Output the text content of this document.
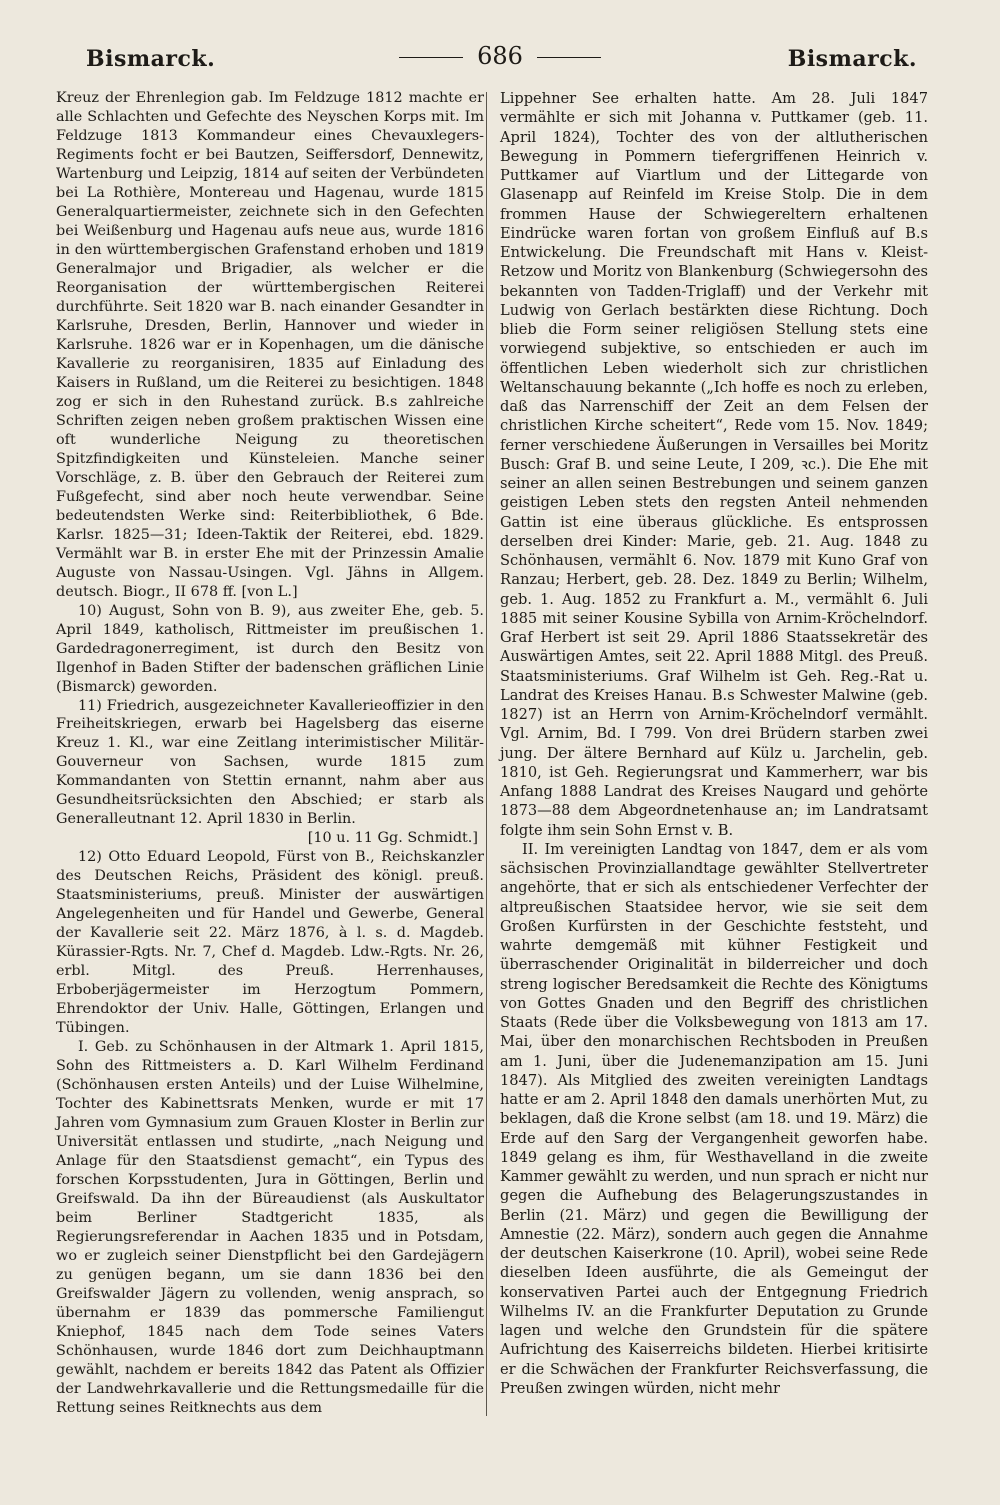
Bismarck.	686	Bismarck.

Kreuz der Ehrenlegion gab. Im Feldzuge 1812 machte er alle Schlachten und Gefechte des Neyschen Korps mit. Im Feldzuge 1813 Kommandeur eines Chevauxlegers-Regiments focht er bei Bautzen, Seiffersdorf, Dennewitz, Wartenburg und Leipzig, 1814 auf seiten der Verbündeten bei La Rothière, Montereau und Hagenau, wurde 1815 Generalquartiermeister, zeichnete sich in den Gefechten bei Weißenburg und Hagenau aufs neue aus, wurde 1816 in den württembergischen Grafenstand erhoben und 1819 Generalmajor und Brigadier, als welcher er die Reorganisation der württembergischen Reiterei durchführte. Seit 1820 war B. nach einander Gesandter in Karlsruhe, Dresden, Berlin, Hannover und wieder in Karlsruhe. 1826 war er in Kopenhagen, um die dänische Kavallerie zu reorganisiren, 1835 auf Einladung des Kaisers in Rußland, um die Reiterei zu besichtigen. 1848 zog er sich in den Ruhestand zurück. B.s zahlreiche Schriften zeigen neben großem praktischen Wissen eine oft wunderliche Neigung zu theoretischen Spitzfindigkeiten und Künsteleien. Manche seiner Vorschläge, z. B. über den Gebrauch der Reiterei zum Fußgefecht, sind aber noch heute verwendbar. Seine bedeutendsten Werke sind: Reiterbibliothek, 6 Bde. Karlsr. 1825—31; Ideen-Taktik der Reiterei, ebd. 1829. Vermählt war B. in erster Ehe mit der Prinzessin Amalie Auguste von Nassau-Usingen. Vgl. Jähns in Allgem. deutsch. Biogr., II 678 ff. [von L.]

10) August, Sohn von B. 9), aus zweiter Ehe, geb. 5. April 1849, katholisch, Rittmeister im preußischen 1. Gardedragonerregiment, ist durch den Besitz von Ilgenhof in Baden Stifter der badenschen gräflichen Linie (Bismarck) geworden.

11) Friedrich, ausgezeichneter Kavallerieoffizier in den Freiheitskriegen, erwarb bei Hagelsberg das eiserne Kreuz 1. Kl., war eine Zeitlang interimistischer Militär-Gouverneur von Sachsen, wurde 1815 zum Kommandanten von Stettin ernannt, nahm aber aus Gesundheitsrücksichten den Abschied; er starb als Generalleutnant 12. April 1830 in Berlin.

[10 u. 11 Gg. Schmidt.]

12) Otto Eduard Leopold, Fürst von B., Reichskanzler des Deutschen Reichs, Präsident des königl. preuß. Staatsministeriums, preuß. Minister der auswärtigen Angelegenheiten und für Handel und Gewerbe, General der Kavallerie seit 22. März 1876, à l. s. d. Magdeb. Kürassier-Rgts. Nr. 7, Chef d. Magdeb. Ldw.-Rgts. Nr. 26, erbl. Mitgl. des Preuß. Herrenhauses, Erboberjägermeister im Herzogtum Pommern, Ehrendoktor der Univ. Halle, Göttingen, Erlangen und Tübingen.

I. Geb. zu Schönhausen in der Altmark 1. April 1815, Sohn des Rittmeisters a. D. Karl Wilhelm Ferdinand (Schönhausen ersten Anteils) und der Luise Wilhelmine, Tochter des Kabinettsrats Menken, wurde er mit 17 Jahren vom Gymnasium zum Grauen Kloster in Berlin zur Universität entlassen und studirte, „nach Neigung und Anlage für den Staatsdienst gemacht“, ein Typus des forschen Korpsstudenten, Jura in Göttingen, Berlin und Greifswald. Da ihn der Büreaudienst (als Auskultator beim Berliner Stadtgericht 1835, als Regierungsreferendar in Aachen 1835 und in Potsdam, wo er zugleich seiner Dienstpflicht bei den Gardejägern zu genügen begann, um sie dann 1836 bei den Greifswalder Jägern zu vollenden, wenig ansprach, so übernahm er 1839 das pommersche Familiengut Kniephof, 1845 nach dem Tode seines Vaters Schönhausen, wurde 1846 dort zum Deichhauptmann gewählt, nachdem er bereits 1842 das Patent als Offizier der Landwehrkavallerie und die Rettungsmedaille für die Rettung seines Reitknechts aus dem

Lippehner See erhalten hatte. Am 28. Juli 1847 vermählte er sich mit Johanna v. Puttkamer (geb. 11. April 1824), Tochter des von der altlutherischen Bewegung in Pommern tiefergriffenen Heinrich v. Puttkamer auf Viartlum und der Littegarde von Glasenapp auf Reinfeld im Kreise Stolp. Die in dem frommen Hause der Schwiegereltern erhaltenen Eindrücke waren fortan von großem Einfluß auf B.s Entwickelung. Die Freundschaft mit Hans v. Kleist-Retzow und Moritz von Blankenburg (Schwiegersohn des bekannten von Tadden-Triglaff) und der Verkehr mit Ludwig von Gerlach bestärkten diese Richtung. Doch blieb die Form seiner religiösen Stellung stets eine vorwiegend subjektive, so entschieden er auch im öffentlichen Leben wiederholt sich zur christlichen Weltanschauung bekannte („Ich hoffe es noch zu erleben, daß das Narrenschiff der Zeit an dem Felsen der christlichen Kirche scheitert“, Rede vom 15. Nov. 1849; ferner verschiedene Äußerungen in Versailles bei Moritz Busch: Graf B. und seine Leute, I 209, ꝛc.). Die Ehe mit seiner an allen seinen Bestrebungen und seinem ganzen geistigen Leben stets den regsten Anteil nehmenden Gattin ist eine überaus glückliche. Es entsprossen derselben drei Kinder: Marie, geb. 21. Aug. 1848 zu Schönhausen, vermählt 6. Nov. 1879 mit Kuno Graf von Ranzau; Herbert, geb. 28. Dez. 1849 zu Berlin; Wilhelm, geb. 1. Aug. 1852 zu Frankfurt a. M., vermählt 6. Juli 1885 mit seiner Kousine Sybilla von Arnim-Kröchelndorf. Graf Herbert ist seit 29. April 1886 Staatssekretär des Auswärtigen Amtes, seit 22. April 1888 Mitgl. des Preuß. Staatsministeriums. Graf Wilhelm ist Geh. Reg.-Rat u. Landrat des Kreises Hanau. B.s Schwester Malwine (geb. 1827) ist an Herrn von Arnim-Kröchelndorf vermählt. Vgl. Arnim, Bd. I 799. Von drei Brüdern starben zwei jung. Der ältere Bernhard auf Külz u. Jarchelin, geb. 1810, ist Geh. Regierungsrat und Kammerherr, war bis Anfang 1888 Landrat des Kreises Naugard und gehörte 1873—88 dem Abgeordnetenhause an; im Landratsamt folgte ihm sein Sohn Ernst v. B.

II. Im vereinigten Landtag von 1847, dem er als vom sächsischen Provinziallandtage gewählter Stellvertreter angehörte, that er sich als entschiedener Verfechter der altpreußischen Staatsidee hervor, wie sie seit dem Großen Kurfürsten in der Geschichte feststeht, und wahrte demgemäß mit kühner Festigkeit und überraschender Originalität in bilderreicher und doch streng logischer Beredsamkeit die Rechte des Königtums von Gottes Gnaden und den Begriff des christlichen Staats (Rede über die Volksbewegung von 1813 am 17. Mai, über den monarchischen Rechtsboden in Preußen am 1. Juni, über die Judenemanzipation am 15. Juni 1847). Als Mitglied des zweiten vereinigten Landtags hatte er am 2. April 1848 den damals unerhörten Mut, zu beklagen, daß die Krone selbst (am 18. und 19. März) die Erde auf den Sarg der Vergangenheit geworfen habe. 1849 gelang es ihm, für Westhavelland in die zweite Kammer gewählt zu werden, und nun sprach er nicht nur gegen die Aufhebung des Belagerungszustandes in Berlin (21. März) und gegen die Bewilligung der Amnestie (22. März), sondern auch gegen die Annahme der deutschen Kaiserkrone (10. April), wobei seine Rede dieselben Ideen ausführte, die als Gemeingut der konservativen Partei auch der Entgegnung Friedrich Wilhelms IV. an die Frankfurter Deputation zu Grunde lagen und welche den Grundstein für die spätere Aufrichtung des Kaiserreichs bildeten. Hierbei kritisirte er die Schwächen der Frankfurter Reichsverfassung, die Preußen zwingen würden, nicht mehr
